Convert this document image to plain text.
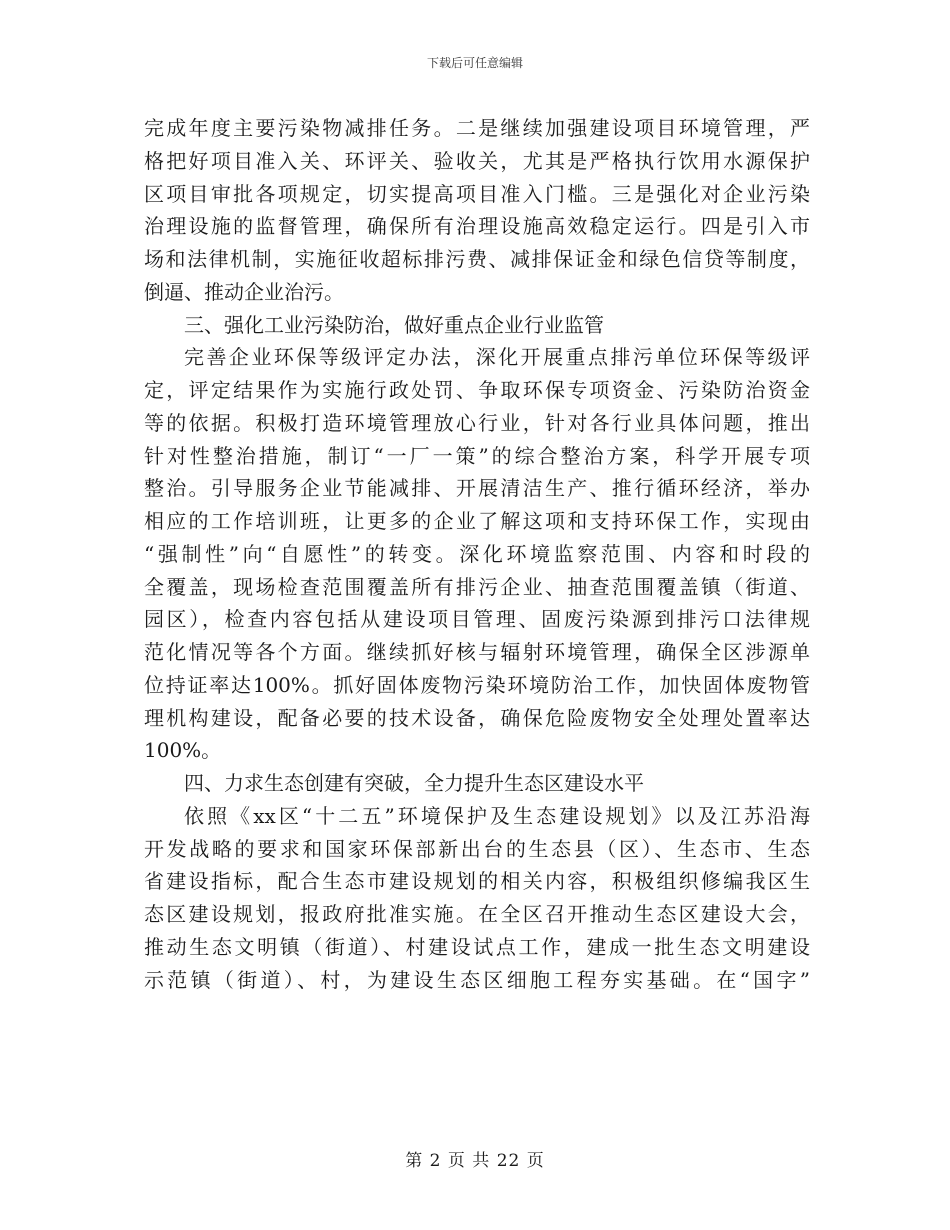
下载后可任意编辑
完成年度主要污染物减排任务。二是继续加强建设项目环境管理，严
格把好项目准入关、环评关、验收关，尤其是严格执行饮用水源保护
区项目审批各项规定，切实提高项目准入门槛。三是强化对企业污染
治理设施的监督管理，确保所有治理设施高效稳定运行。四是引入市
场和法律机制，实施征收超标排污费、减排保证金和绿色信贷等制度，
倒逼、推动企业治污。
三、强化工业污染防治，做好重点企业行业监管
完善企业环保等级评定办法，深化开展重点排污单位环保等级评
定，评定结果作为实施行政处罚、争取环保专项资金、污染防治资金
等的依据。积极打造环境管理放心行业，针对各行业具体问题，推出
针对性整治措施，制订“一厂一策”的综合整治方案，科学开展专项
整治。引导服务企业节能减排、开展清洁生产、推行循环经济，举办
相应的工作培训班，让更多的企业了解这项和支持环保工作，实现由
“强制性”向“自愿性”的转变。深化环境监察范围、内容和时段的
全覆盖，现场检查范围覆盖所有排污企业、抽查范围覆盖镇（街道、
园区），检查内容包括从建设项目管理、固废污染源到排污口法律规
范化情况等各个方面。继续抓好核与辐射环境管理，确保全区涉源单
位持证率达100%。抓好固体废物污染环境防治工作，加快固体废物管
理机构建设，配备必要的技术设备，确保危险废物安全处理处置率达
100%。
四、力求生态创建有突破，全力提升生态区建设水平
依照《xx区“十二五”环境保护及生态建设规划》以及江苏沿海
开发战略的要求和国家环保部新出台的生态县（区）、生态市、生态
省建设指标，配合生态市建设规划的相关内容，积极组织修编我区生
态区建设规划，报政府批准实施。在全区召开推动生态区建设大会，
推动生态文明镇（街道）、村建设试点工作，建成一批生态文明建设
示范镇（街道）、村，为建设生态区细胞工程夯实基础。在“国字”
第 2 页 共 22 页
